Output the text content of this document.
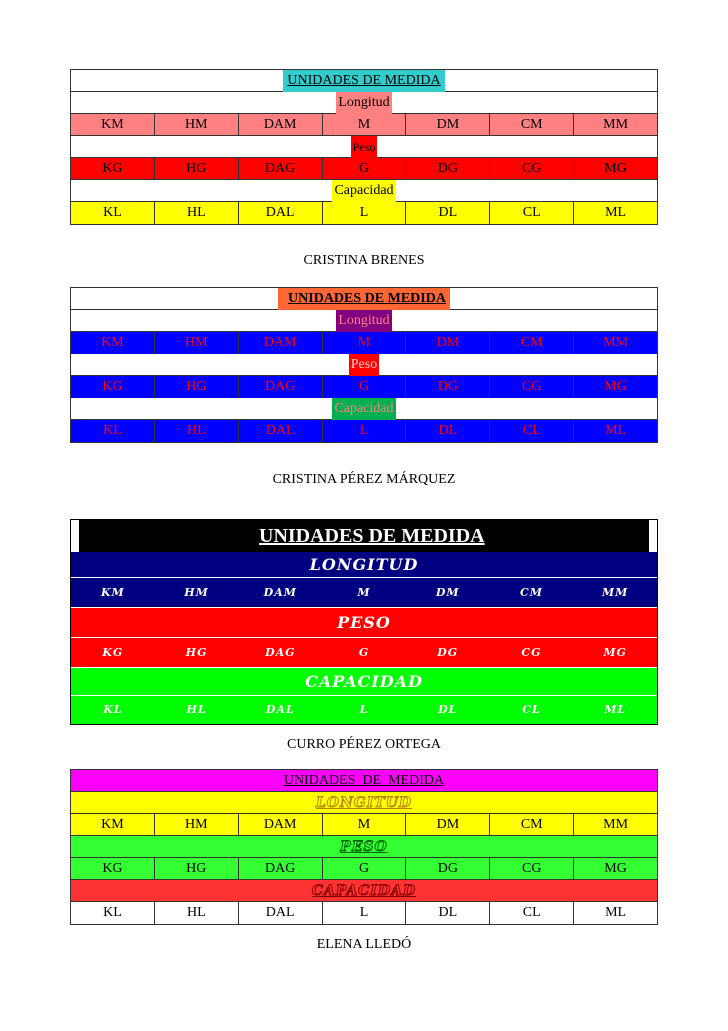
UNIDADES DE MEDIDA
Longitud
KM	HM	DAM	M	DM	CM	MM
Peso
KG	HG	DAG	G	DG	CG	MG
Capacidad
KL	HL	DAL	L	DL	CL	ML
CRISTINA BRENES
UNIDADES DE MEDIDA
Longitud
KM	HM	DAM	M	DM	CM	MM
Peso
KG	HG	DAG	G	DG	CG	MG
Capacidad
KL	HL	DAL	L	DL	CL	ML
CRISTINA PÉREZ MÁRQUEZ
UNIDADES DE MEDIDA
LONGITUD
KM	HM	DAM	M	DM	CM	MM
PESO
KG	HG	DAG	G	DG	CG	MG
CAPACIDAD
KL	HL	DAL	L	DL	CL	ML
CURRO PÉREZ ORTEGA
UNIDADES  DE  MEDIDA
LONGITUD
KM	HM	DAM	M	DM	CM	MM
PESO
KG	HG	DAG	G	DG	CG	MG
CAPACIDAD
KL	HL	DAL	L	DL	CL	ML
ELENA LLEDÓ
